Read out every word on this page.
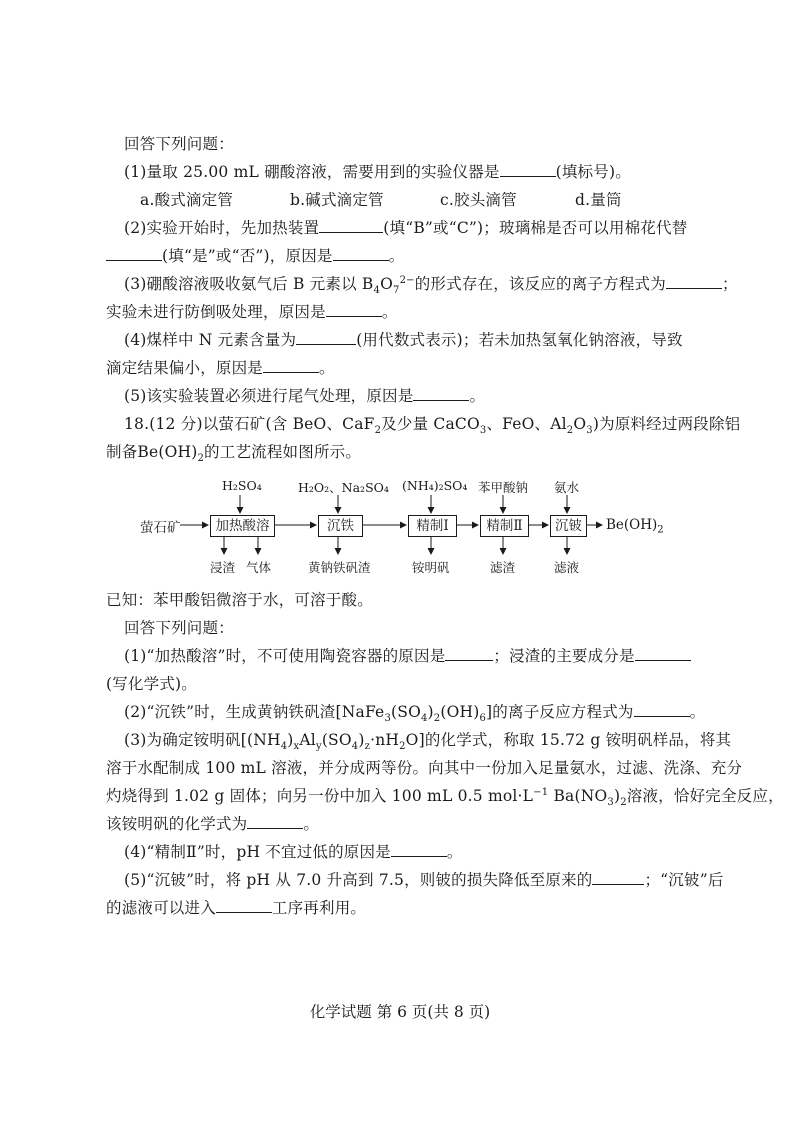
回答下列问题：
(1)量取 25.00 mL 硼酸溶液，需要用到的实验仪器是	(填标号)。
a.酸式滴定管	b.碱式滴定管	c.胶头滴管	d.量筒
(2)实验开始时，先加热装置	(填“B”或“C”)；玻璃棉是否可以用棉花代替
(填“是”或“否”)，原因是	。
(3)硼酸溶液吸收氨气后 B 元素以 $B_4O_7^{2-}$的形式存在，该反应的离子方程式为	；
实验未进行防倒吸处理，原因是	。
(4)煤样中 N 元素含量为	(用代数式表示)；若未加热氢氧化钠溶液，导致
滴定结果偏小，原因是	。
(5)该实验装置必须进行尾气处理，原因是	。
18.(12 分)以萤石矿(含 BeO、CaF$_2$及少量 CaCO$_3$、FeO、$Al_2O_3$)为原料经过两段除铝
制备$Be(OH)_2$的工艺流程如图所示。
萤石矿	加热酸溶	沉铁	精制Ⅰ	精制Ⅱ	沉铍	$Be(OH)_2$
H₂SO₄	H₂O₂、Na₂SO₄ (NH₄)₂SO₄ 苯甲酸钠 氨水
浸渣 气体	黄钠铁矾渣	铵明矾	滤渣	滤液
已知：苯甲酸铝微溶于水，可溶于酸。
回答下列问题：
(1)“加热酸溶”时，不可使用陶瓷容器的原因是	；浸渣的主要成分是
(写化学式)。
(2)“沉铁”时，生成黄钠铁矾渣$[NaFe_3(SO_4)_2(OH)_6]$的离子反应方程式为	。
(3)为确定铵明矾$[(NH_4)_xAl_y(SO_4)_z\cdot nH_2O]$的化学式，称取 15.72 g 铵明矾样品，将其
溶于水配制成 100 mL 溶液，并分成两等份。向其中一份加入足量氨水，过滤、洗涤、充分
灼烧得到 1.02 g 固体；向另一份中加入 100 mL 0.5 $mol\cdot L^{-1}$ $Ba(NO_3)_2$溶液，恰好完全反应，
该铵明矾的化学式为	。
(4)“精制Ⅱ”时，pH 不宜过低的原因是	。
(5)“沉铍”时，将 pH 从 7.0 升高到 7.5，则铍的损失降低至原来的	；“沉铍”后
的滤液可以进入	工序再利用。
化学试题 第 6 页(共 8 页)
